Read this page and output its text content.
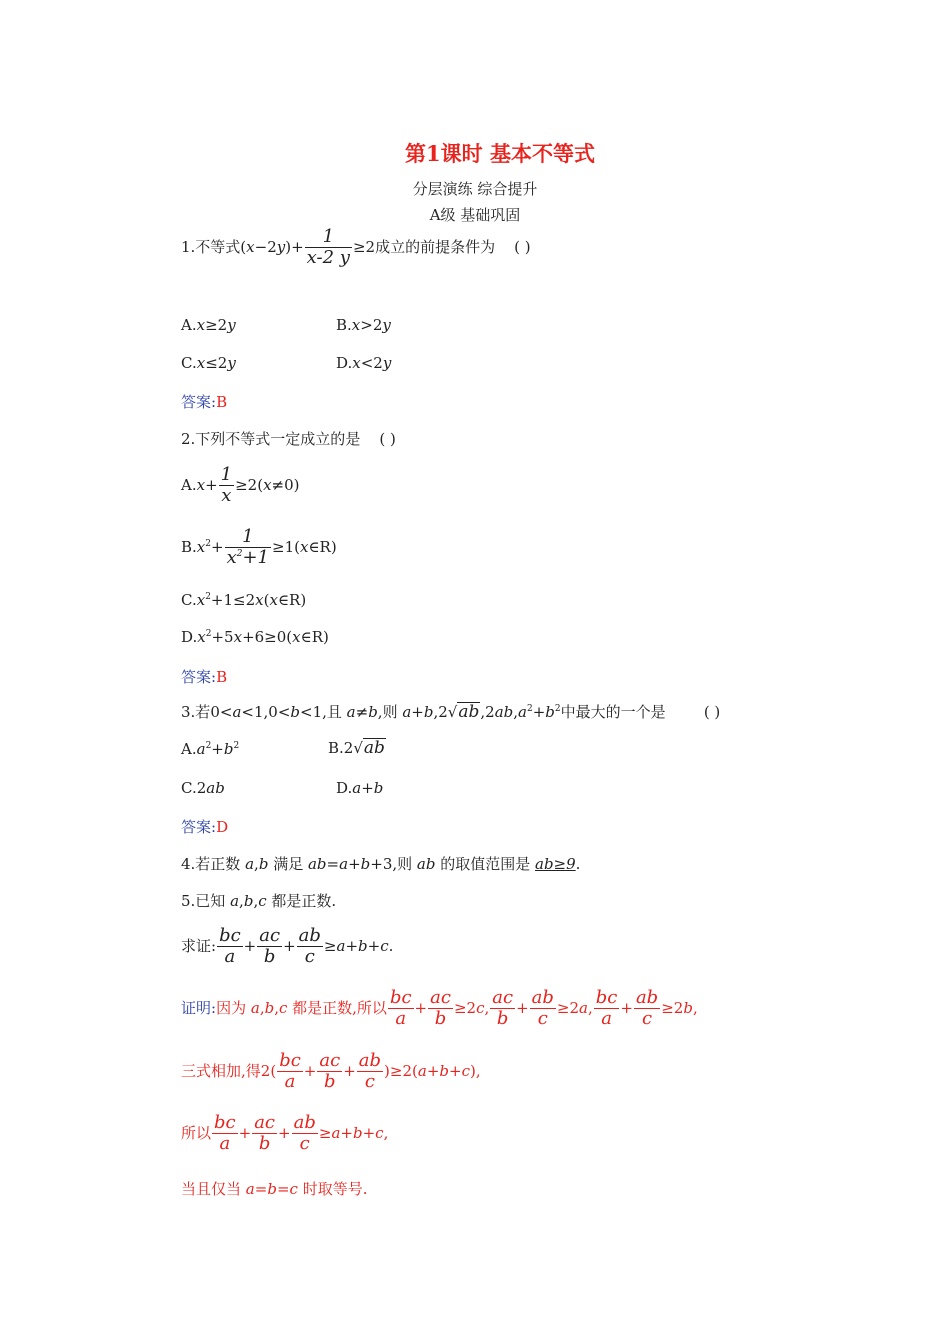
第1课时 基本不等式
分层演练 综合提升
A级 基础巩固
1.不等式$(x-2y)+ \frac{1}{x-2 y} \ge 2$成立的前提条件为 ( )
A.x≥2y	B.x>2y
C.x≤2y	D.x<2y
答案:B
2.下列不等式一定成立的是 ( )
$A.x+ \frac{1}{x} \ge 2(x\ne 0)$
$B.x^2+ \frac{1}{x^2+1}$ ≥1(x∈R)
$C.x^2+1\le 2x(x\in R)$
$D.x^2+5x+6\ge 0(x\in R)$
答案:B
3.若0<a<1,0<b<1,且 a≠b,则 $a+b,2√ab,2ab,a^2+b^2$中最大的一个是	( )
$A.a^2+b^2$	B.2√ab
C.2ab	D.a+b
答案:D
4.若正数 a,b 满足 ab=a+b+3,则 ab 的取值范围是 ab≥9.
5.已知 a,b,c 都是正数.
求证: $\frac{bc}{a} + \frac{ac}{b} + \frac{ab}{c} \ge a+b+c$.
证明:因为 a,b,c 都是正数,所以 $\frac{bc}{a} + \frac{ac}{b} \ge 2c$, $\frac{ac}{b} + \frac{ab}{c} \ge 2a$, $\frac{bc}{a} + \frac{ab}{c} \ge 2b$,
三式相加,得$2( \frac{bc}{a} + \frac{ac}{b} + \frac{ab}{c} )\ge 2(a+b+c)$,
所以 $\frac{bc}{a} + \frac{ac}{b} + \frac{ab}{c} \ge a+b+c$,
当且仅当 a=b=c 时取等号.
